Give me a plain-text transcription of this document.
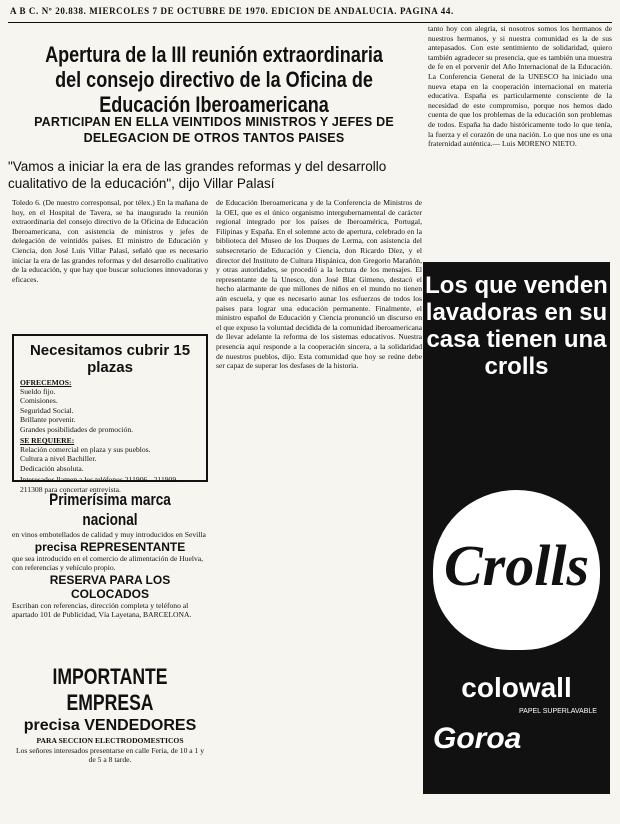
A B C. Nº 20.838. MIERCOLES 7 DE OCTUBRE DE 1970. EDICION DE ANDALUCIA. PAGINA 44.
Apertura de la III reunión extraordinaria del consejo directivo de la Oficina de Educación Iberoamericana
PARTICIPAN EN ELLA VEINTIDOS MINISTROS Y JEFES DE DELEGACION DE OTROS TANTOS PAISES
"Vamos a iniciar la era de las grandes reformas y del desarrollo cualitativo de la educación", dijo Villar Palasí
Toledo 6. (De nuestro corresponsal, por télex.) En la mañana de hoy, en el Hospital de Tavera, se ha inaugurado la reunión extraordinaria del consejo directivo de la Oficina de Educación Iberoamericana, con asistencia de ministros y jefes de delegación de veintidós países. El ministro de Educación y Ciencia, don José Luis Villar Palasí, señaló que es necesario iniciar la era de las grandes reformas y del desarrollo cualitativo de la educación, y que hay que buscar soluciones innovadoras y eficaces.
de Educación Iberoamericana y de la Conferencia de Ministros de la OEI, que es el único organismo intergubernamental de carácter regional integrado por los países de Iberoamérica, Portugal, Filipinas y España. En el solemne acto de apertura, celebrado en la biblioteca del Museo de los Duques de Lerma, con asistencia del subsecretario de Educación y Ciencia, don Ricardo Díez, y el director del Instituto de Cultura Hispánica, don Gregorio Marañón, y otras autoridades, se procedió a la lectura de los mensajes. El representante de la Unesco, don José Blat Gimeno, destacó el hecho alarmante de que millones de niños en el mundo no tienen aún escuela, y que es necesario aunar los esfuerzos de todos los países para lograr una educación permanente. Finalmente, el ministro español de Educación y Ciencia pronunció un discurso en el que expuso la voluntad decidida de la comunidad iberoamericana de llevar adelante la reforma de los sistemas educativos. Nuestra presencia aquí responde a la cooperación sincera, a la solidaridad de nuestros pueblos, dijo. Esta comunidad que hoy se reúne debe ser capaz de superar los desfases de la historia.
tanto hoy con alegría, si nosotros somos los hermanos de nuestros hermanos, y si nuestra comunidad es la de sus antepasados. Con este sentimiento de solidaridad, quiero también agradecer su presencia, que es también una muestra de fe en el porvenir del Año Internacional de la Educación. La Conferencia General de la UNESCO ha iniciado una nueva etapa en la cooperación internacional en materia educativa. España es particularmente consciente de la necesidad de este compromiso, porque nos hemos dado cuenta de que los problemas de la educación son problemas de todos. España ha dado históricamente todo lo que tenía, la fuerza y el corazón de una nación. Lo que nos une es una fraternidad auténtica.— Luis MORENO NIETO.
Necesitamos cubrir 15 plazas
OFRECEMOS:
Sueldo fijo.
Comisiones.
Seguridad Social.
Brillante porvenir.
Grandes posibilidades de promoción.
SE REQUIERE:
Relación comercial en plaza y sus pueblos.
Cultura a nivel Bachiller.
Dedicación absoluta.
Interesados llamen a los teléfonos 211906 - 211909 - 211308 para concertar entrevista.
Primerísima marca nacional
en vinos embotellados de calidad y muy introducidos en Sevilla
precisa REPRESENTANTE
que sea introducido en el comercio de alimentación de Huelva, con referencias y vehículo propio.
RESERVA PARA LOS COLOCADOS
Escriban con referencias, dirección completa y teléfono al apartado 101 de Publicidad, Vía Layetana, BARCELONA.
IMPORTANTE EMPRESA
precisa VENDEDORES
PARA SECCION ELECTRODOMESTICOS
Los señores interesados presentarse en calle Feria, de 10 a 1 y de 5 a 8 tarde.
Los que venden lavadoras en su casa tienen una crolls
Crolls
colowall
PAPEL SUPERLAVABLE
Goroa
